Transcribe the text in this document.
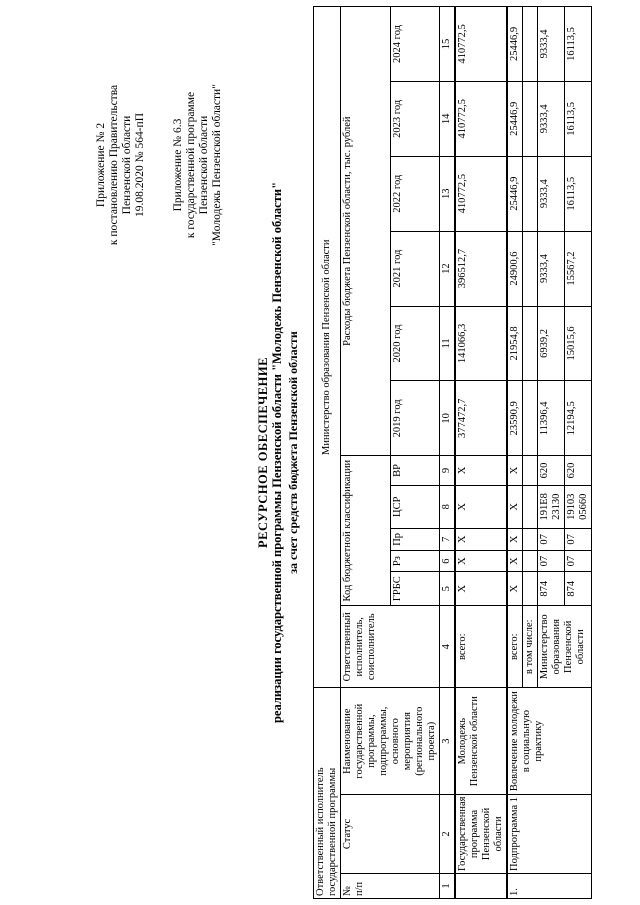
Приложение № 2 к постановлению Правительства Пензенской области 19.08.2020 № 564-пП Приложение № 6.3 к государственной программе Пензенской области "Молодежь Пензенской области"
РЕСУРСНОЕ ОБЕСПЕЧЕНИЕ реализации государственной программы Пензенской области "Молодежь Пензенской области" за счет средств бюджета Пензенской области
Ответственный исполнитель государственной программы			Министерство образования Пензенской области											
№ п/п	Статус	Наименование государственной программы, подпрограммы, основного мероприятия (регионального проекта)	Ответственный исполнитель, соисполнитель	Код бюджетной классификации					Расходы бюджета Пензенской области, тыс. рублей					
				ГРБС	Рз	Пр	ЦСР	ВР	2019 год	2020 год	2021 год	2022 год	2023 год	2024 год
1	2	3	4	5	6	7	8	9	10	11	12	13	14	15
	Государственная программа Пензенской области	Молодежь Пензенской области	всего:	Х	Х	Х	Х	Х	377472,7	141066,3	396512,7	410772,5	410772,5	410772,5
1.	Подпрограмма 1	Вовлечение молодежи в социальную практику	всего:	Х	Х	Х	Х	Х	23590,9	21954,8	24900,6	25446,9	25446,9	25446,9
			в том числе:											
			Министерство образования Пензенской области	874	07	07	191E8 23130	620	11396,4	6939,2	9333,4	9333,4	9333,4	9333,4
				874	07	07	19103 05660	620	12194,5	15015,6	15567,2	16113,5	16113,5	16113,5
